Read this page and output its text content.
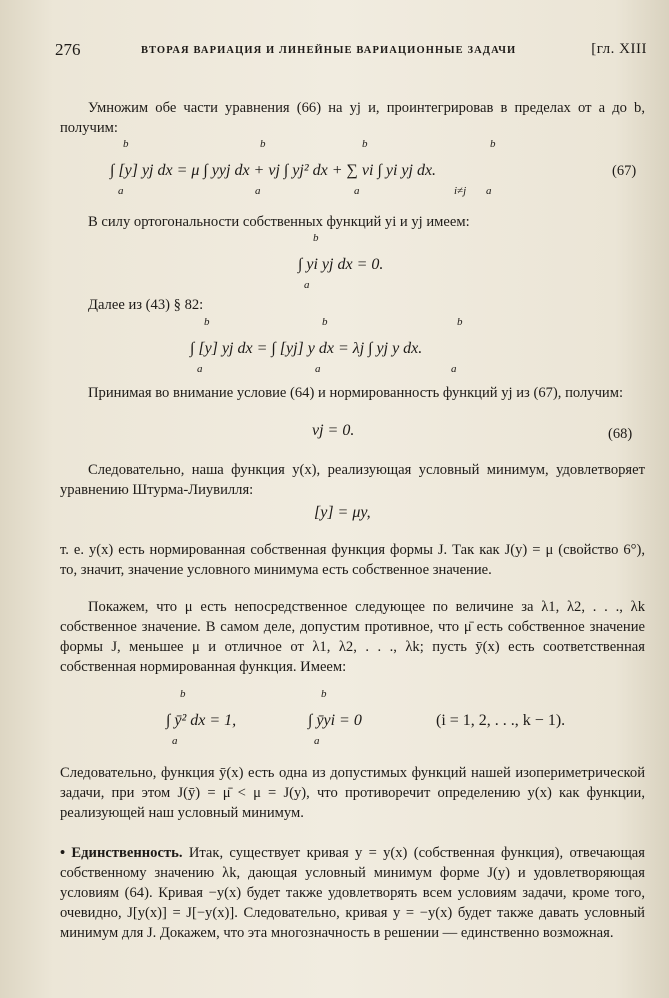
276	ВТОРАЯ ВАРИАЦИЯ И ЛИНЕЙНЫЕ ВАРИАЦИОННЫЕ ЗАДАЧИ	[гл. XIII

Умножим обе части уравнения (66) на yj и, проинтегрировав в пределах от a до b, получим:

∫ [y] yj dx = μ ∫ yyj dx + νj ∫ yj² dx + ∑ νi ∫ yi yj dx.	(67)
b
a
b
a
b
a	i≠j
b
a

В силу ортогональности собственных функций yi и yj имеем:

∫ yi yj dx = 0.
b
a

Далее из (43) § 82:

∫ [y] yj dx = ∫ [yj] y dx = λj ∫ yj y dx.
b
a
b
a
b
a

Принимая во внимание условие (64) и нормированность функций yj из (67), получим:

νj = 0.	(68)

Следовательно, наша функция y(x), реализующая условный минимум, удовлетворяет уравнению Штурма-Лиувилля:

[y] = μy,

т. е. y(x) есть нормированная собственная функция формы J. Так как J(y) = μ (свойство 6°), то, значит, значение условного минимума есть собственное значение.

Покажем, что μ есть непосредственное следующее по величине за λ1, λ2, . . ., λk собственное значение. В самом деле, допустим противное, что μ̄ есть собственное значение формы J, меньшее μ и отличное от λ1, λ2, . . ., λk; пусть ȳ(x) есть соответственная собственная нормированная функция. Имеем:

∫ ȳ² dx = 1,	∫ ȳyi = 0	(i = 1, 2, . . ., k − 1).
b
a
b
a

Следовательно, функция ȳ(x) есть одна из допустимых функций нашей изопериметрической задачи, при этом J(ȳ) = μ̄ < μ = J(y), что противоречит определению y(x) как функции, реализующей наш условный минимум.

• Единственность. Итак, существует кривая y = y(x) (собственная функция), отвечающая собственному значению λk, дающая условный минимум форме J(y) и удовлетворяющая условиям (64). Кривая −y(x) будет также удовлетворять всем условиям задачи, кроме того, очевидно, J[y(x)] = J[−y(x)]. Следовательно, кривая y = −y(x) будет также давать условный минимум для J. Докажем, что эта многозначность в решении — единственно возможная.
